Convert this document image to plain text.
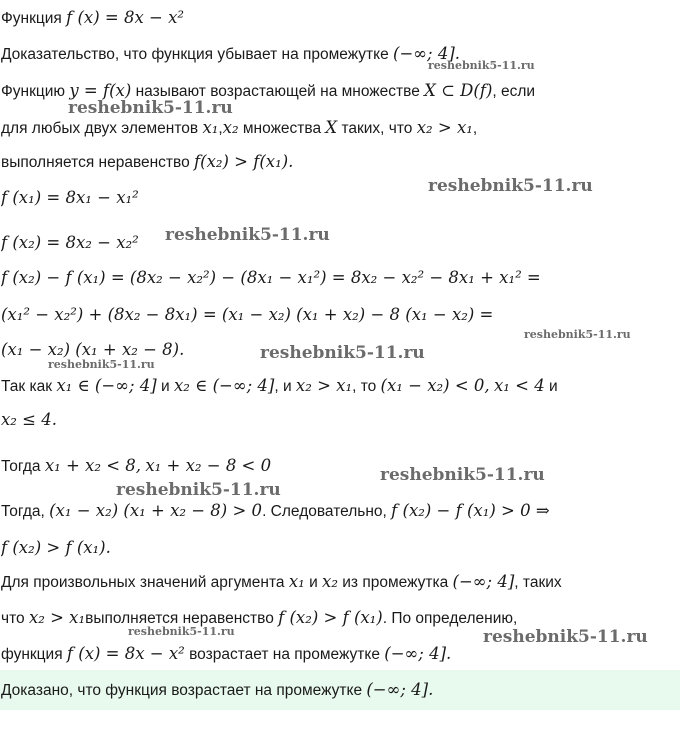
Функция f (x) = 8x − x²
Доказательство, что функция убывает на промежутке (−∞; 4].
Функцию y = f(x) называют возрастающей на множестве X ⊂ D(f), если
для любых двух элементов x₁,x₂ множества X таких, что x₂ > x₁,
выполняется неравенство f(x₂) > f(x₁).
f (x₁) = 8x₁ − x₁²
f (x₂) = 8x₂ − x₂²
f (x₂) − f (x₁) = (8x₂ − x₂²) − (8x₁ − x₁²) = 8x₂ − x₂² − 8x₁ + x₁² =
(x₁² − x₂²) + (8x₂ − 8x₁) = (x₁ − x₂) (x₁ + x₂) − 8 (x₁ − x₂) =
(x₁ − x₂) (x₁ + x₂ − 8).
Так как x₁ ∈ (−∞; 4] и x₂ ∈ (−∞; 4], и x₂ > x₁, то (x₁ − x₂) < 0, x₁ < 4 и
x₂ ≤ 4.
Тогда x₁ + x₂ < 8, x₁ + x₂ − 8 < 0
Тогда, (x₁ − x₂) (x₁ + x₂ − 8) > 0. Следовательно, f (x₂) − f (x₁) > 0 ⇒
f (x₂) > f (x₁).
Для произвольных значений аргумента x₁ и x₂ из промежутка (−∞; 4], таких
что x₂ > x₁выполняется неравенство f (x₂) > f (x₁). По определению,
функция f (x) = 8x − x² возрастает на промежутке (−∞; 4].
Доказано, что функция возрастает на промежутке (−∞; 4].
reshebnik5-11.ru
reshebnik5-11.ru
reshebnik5-11.ru
reshebnik5-11.ru
reshebnik5-11.ru
reshebnik5-11.ru
reshebnik5-11.ru
reshebnik5-11.ru
reshebnik5-11.ru
reshebnik5-11.ru	reshebnik5-11.ru
